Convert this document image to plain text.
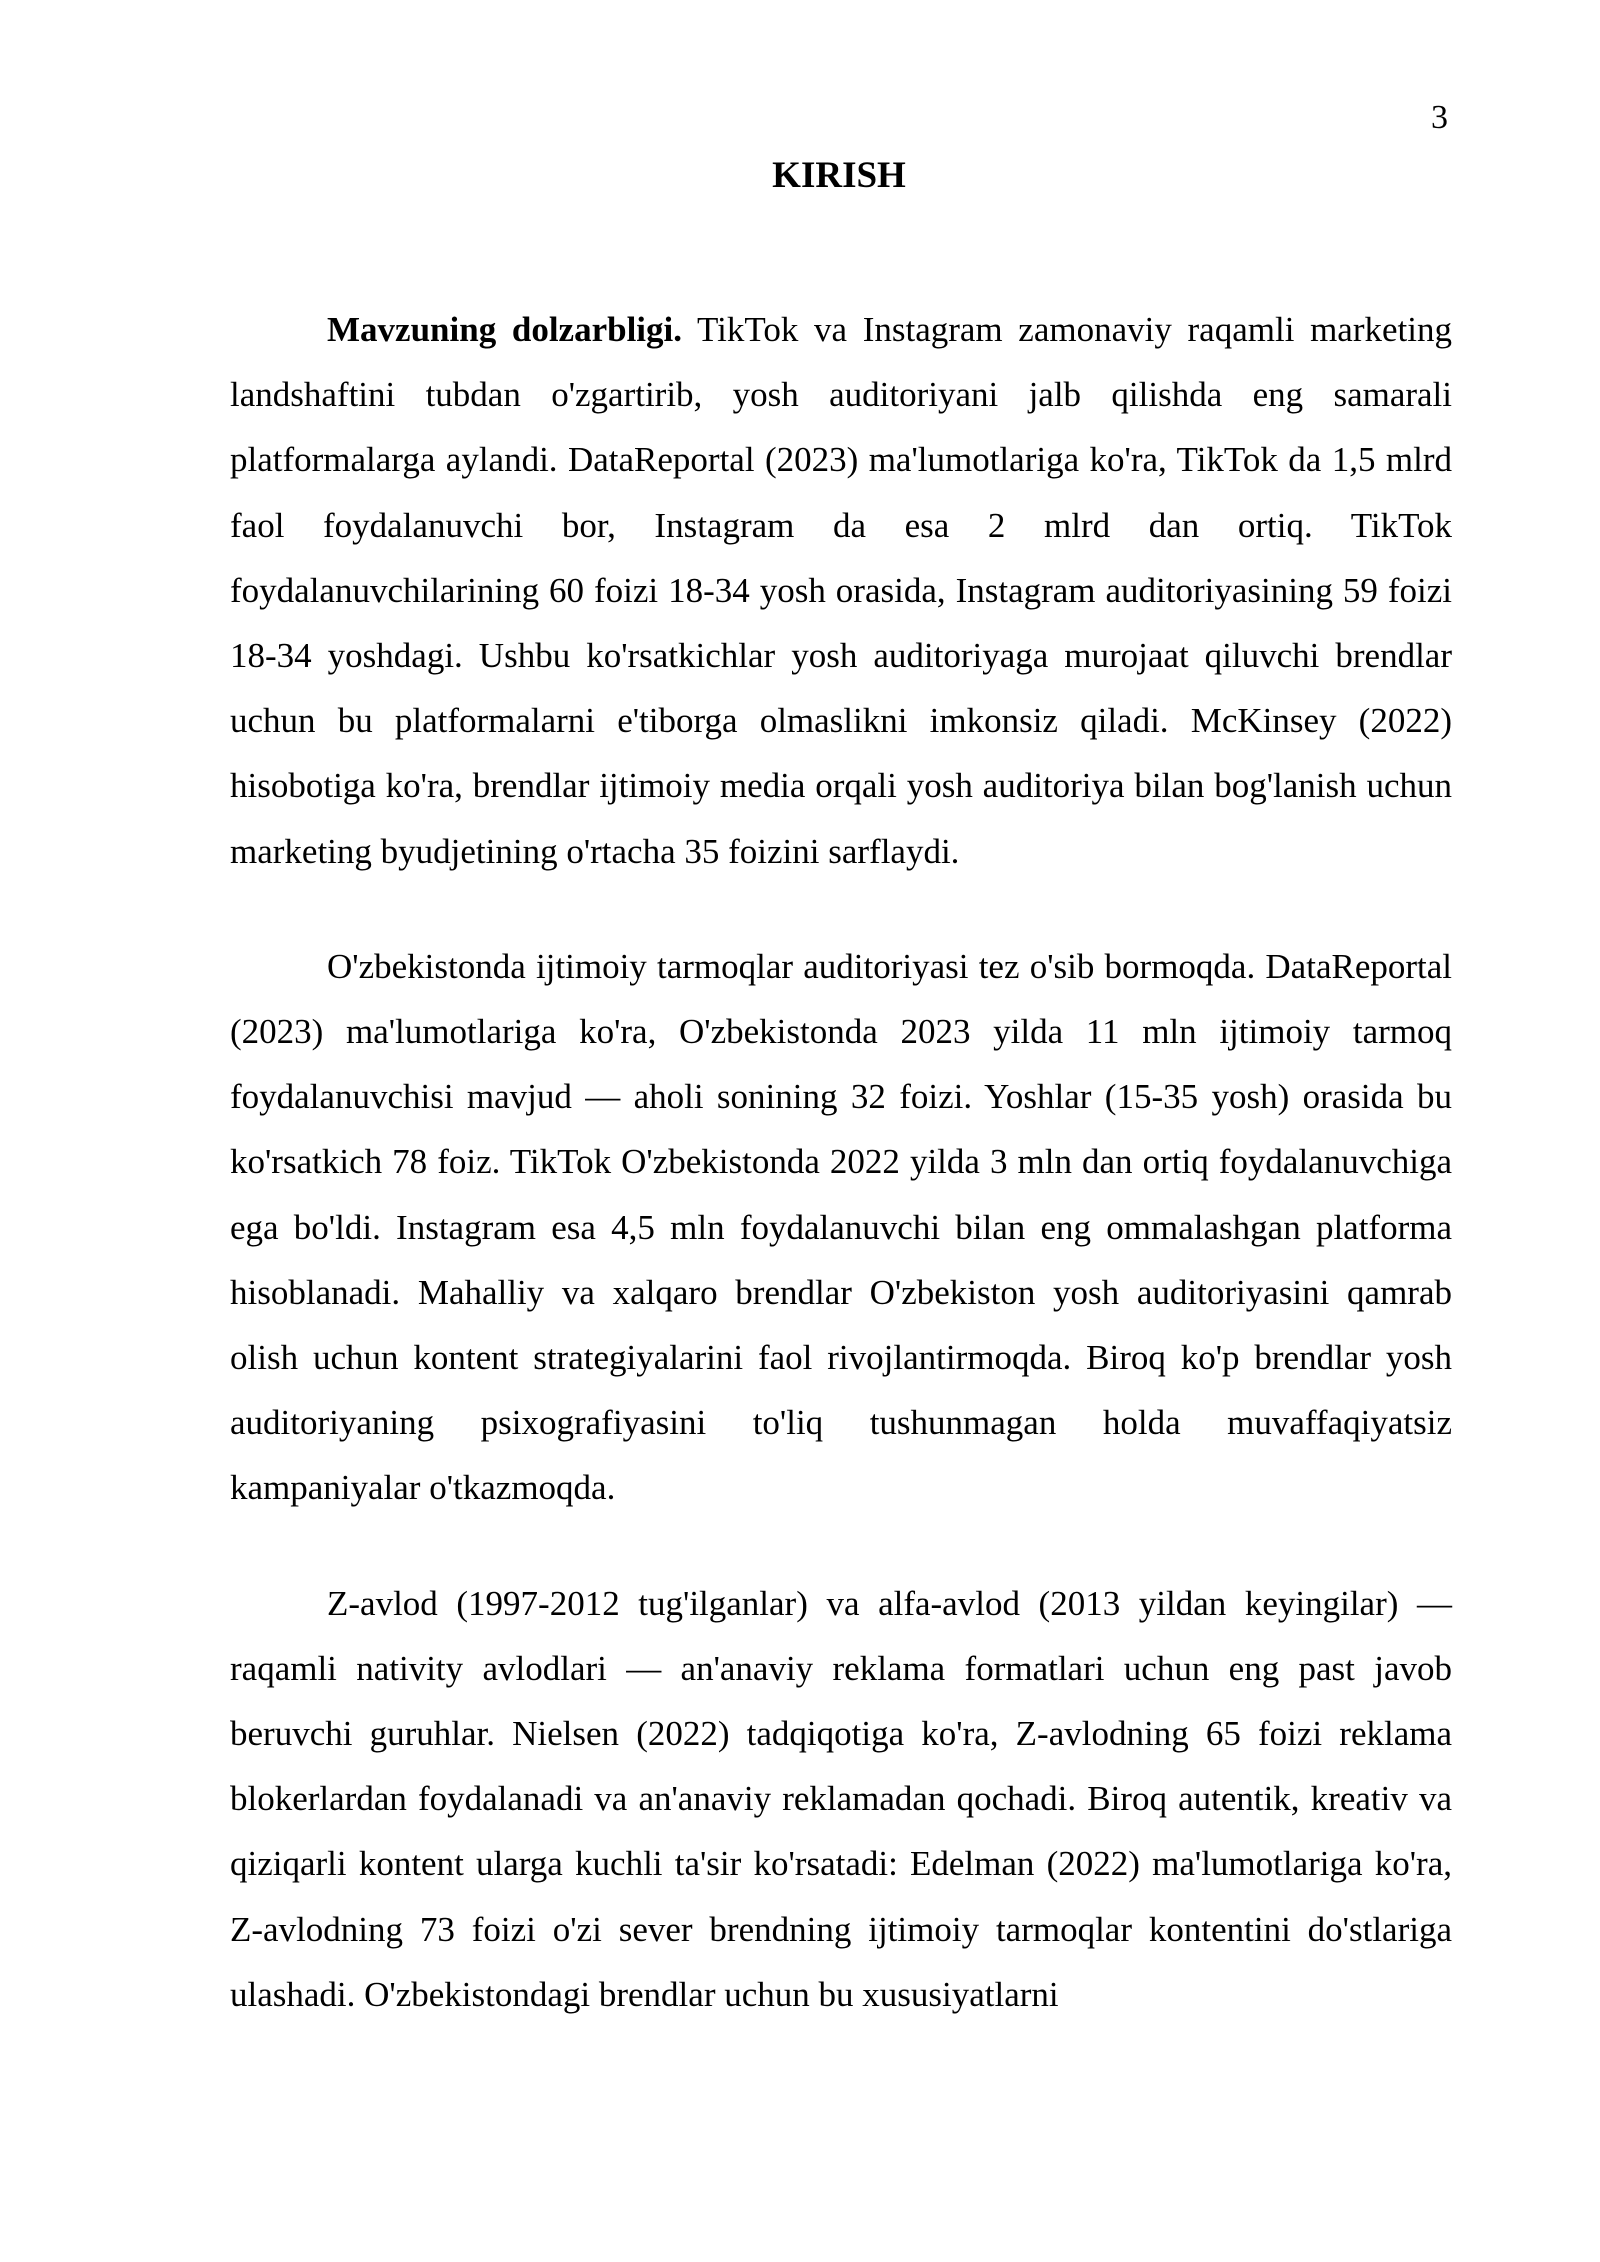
3
KIRISH

Mavzuning dolzarbligi. TikTok va Instagram zamonaviy raqamli marketing landshaftini tubdan o'zgartirib, yosh auditoriyani jalb qilishda eng samarali platformalarga aylandi. DataReportal (2023) ma'lumotlariga ko'ra, TikTok da 1,5 mlrd faol foydalanuvchi bor, Instagram da esa 2 mlrd dan ortiq. TikTok foydalanuvchilarining 60 foizi 18-34 yosh orasida, Instagram auditoriyasining 59 foizi 18-34 yoshdagi. Ushbu ko'rsatkichlar yosh auditoriyaga murojaat qiluvchi brendlar uchun bu platformalarni e'tiborga olmaslikni imkonsiz qiladi. McKinsey (2022) hisobotiga ko'ra, brendlar ijtimoiy media orqali yosh auditoriya bilan bog'lanish uchun marketing byudjetining o'rtacha 35 foizini sarflaydi.

O'zbekistonda ijtimoiy tarmoqlar auditoriyasi tez o'sib bormoqda. DataReportal (2023) ma'lumotlariga ko'ra, O'zbekistonda 2023 yilda 11 mln ijtimoiy tarmoq foydalanuvchisi mavjud — aholi sonining 32 foizi. Yoshlar (15-35 yosh) orasida bu ko'rsatkich 78 foiz. TikTok O'zbekistonda 2022 yilda 3 mln dan ortiq foydalanuvchiga ega bo'ldi. Instagram esa 4,5 mln foydalanuvchi bilan eng ommalashgan platforma hisoblanadi. Mahalliy va xalqaro brendlar O'zbekiston yosh auditoriyasini qamrab olish uchun kontent strategiyalarini faol rivojlantirmoqda. Biroq ko'p brendlar yosh auditoriyaning psixografiyasini to'liq tushunmagan holda muvaffaqiyatsiz kampaniyalar o'tkazmoqda.

Z-avlod (1997-2012 tug'ilganlar) va alfa-avlod (2013 yildan keyingilar) — raqamli nativity avlodlari — an'anaviy reklama formatlari uchun eng past javob beruvchi guruhlar. Nielsen (2022) tadqiqotiga ko'ra, Z-avlodning 65 foizi reklama blokerlardan foydalanadi va an'anaviy reklamadan qochadi. Biroq autentik, kreativ va qiziqarli kontent ularga kuchli ta'sir ko'rsatadi: Edelman (2022) ma'lumotlariga ko'ra, Z-avlodning 73 foizi o'zi sever brendning ijtimoiy tarmoqlar kontentini do'stlariga ulashadi. O'zbekistondagi brendlar uchun bu xususiyatlarni
